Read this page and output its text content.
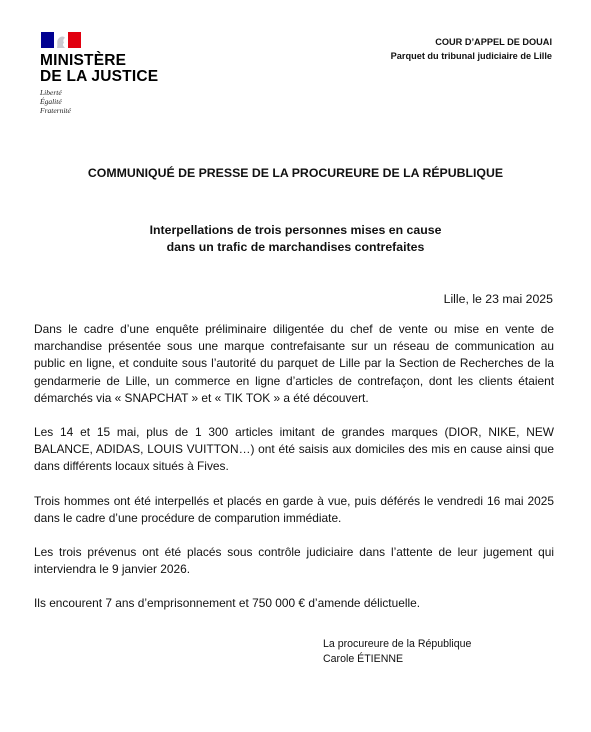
MINISTÈRE
DE LA JUSTICE
Liberté
Égalité
Fraternité
COUR D’APPEL DE DOUAI
Parquet du tribunal judiciaire de Lille
COMMUNIQUÉ DE PRESSE DE LA PROCUREURE DE LA RÉPUBLIQUE
Interpellations de trois personnes mises en cause
dans un trafic de marchandises contrefaites
Lille, le 23 mai 2025

Dans le cadre d’une enquête préliminaire diligentée du chef de vente ou mise en vente de marchandise présentée sous une marque contrefaisante sur un réseau de communication au public en ligne, et conduite sous l’autorité du parquet de Lille par la Section de Recherches de la gendarmerie de Lille, un commerce en ligne d’articles de contrefaçon, dont les clients étaient démarchés via « SNAPCHAT » et « TIK TOK » a été découvert.

Les 14 et 15 mai, plus de 1 300 articles imitant de grandes marques (DIOR, NIKE, NEW BALANCE, ADIDAS, LOUIS VUITTON…) ont été saisis aux domiciles des mis en cause ainsi que dans différents locaux situés à Fives.

Trois hommes ont été interpellés et placés en garde à vue, puis déférés le vendredi 16 mai 2025 dans le cadre d’une procédure de comparution immédiate.

Les trois prévenus ont été placés sous contrôle judiciaire dans l’attente de leur jugement qui interviendra le 9 janvier 2026.

Ils encourent 7 ans d’emprisonnement et 750 000 € d’amende délictuelle.

La procureure de la République
Carole ÉTIENNE
